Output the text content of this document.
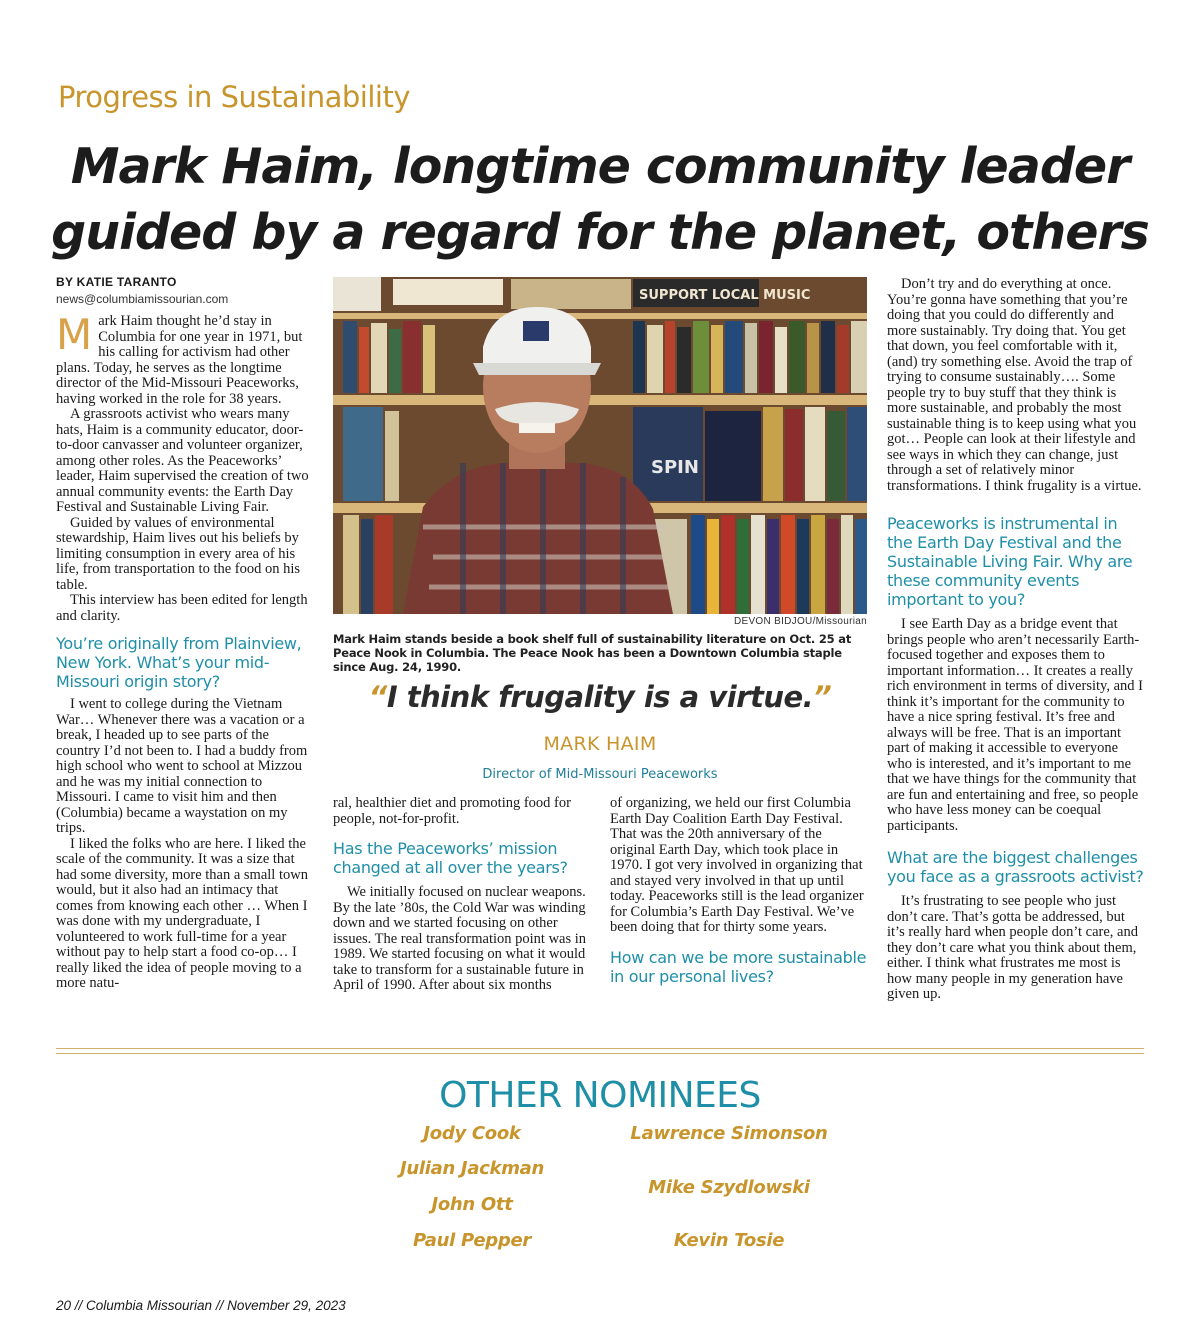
Progress in Sustainability
Mark Haim, longtime community leader
guided by a regard for the planet, others
BY KATIE TARANTO
news@columbiamissourian.com

Mark Haim thought he’d stay in Columbia for one year in 1971, but his calling for activism had other plans. Today, he serves as the longtime director of the Mid-Missouri Peaceworks, having worked in the role for 38 years.

A grassroots activist who wears many hats, Haim is a community educator, door-to-door canvasser and volunteer organizer, among other roles. As the Peaceworks’ leader, Haim supervised the creation of two annual community events: the Earth Day Festival and Sustainable Living Fair.

Guided by values of environmental stewardship, Haim lives out his beliefs by limiting consumption in every area of his life, from transportation to the food on his table.

This interview has been edited for length and clarity.

You’re originally from Plainview, New York. What’s your mid-Missouri origin story?

I went to college during the Vietnam War… Whenever there was a vacation or a break, I headed up to see parts of the country I’d not been to. I had a buddy from high school who went to school at Mizzou and he was my initial connection to Missouri. I came to visit him and then (Columbia) became a waystation on my trips.

I liked the folks who are here. I liked the scale of the community. It was a size that had some diversity, more than a small town would, but it also had an intimacy that comes from knowing each other … When I was done with my undergraduate, I volunteered to work full-time for a year without pay to help start a food co-op… I really liked the idea of people moving to a more natu-

SUPPORT LOCAL MUSIC
SPIN
DEVON BIDJOU/Missourian
Mark Haim stands beside a book shelf full of sustainability literature on Oct. 25 at Peace Nook in Columbia. The Peace Nook has been a Downtown Columbia staple since Aug. 24, 1990.
“I think frugality is a virtue.”
MARK HAIM
Director of Mid-Missouri Peaceworks

ral, healthier diet and promoting food for people, not-for-profit.

Has the Peaceworks’ mission changed at all over the years?

We initially focused on nuclear weapons. By the late ’80s, the Cold War was winding down and we started focusing on other issues. The real transformation point was in 1989. We started focusing on what it would take to transform for a sustainable future in April of 1990. After about six months

of organizing, we held our first Columbia Earth Day Coalition Earth Day Festival. That was the 20th anniversary of the original Earth Day, which took place in 1970. I got very involved in organizing that and stayed very involved in that up until today. Peaceworks still is the lead organizer for Columbia’s Earth Day Festival. We’ve been doing that for thirty some years.

How can we be more sustainable in our personal lives?

Don’t try and do everything at once. You’re gonna have something that you’re doing that you could do differently and more sustainably. Try doing that. You get that down, you feel comfortable with it, (and) try something else. Avoid the trap of trying to consume sustainably…. Some people try to buy stuff that they think is more sustainable, and probably the most sustainable thing is to keep using what you got… People can look at their lifestyle and see ways in which they can change, just through a set of relatively minor transformations. I think frugality is a virtue.

Peaceworks is instrumental in the Earth Day Festival and the Sustainable Living Fair. Why are these community events important to you?

I see Earth Day as a bridge event that brings people who aren’t necessarily Earth-focused together and exposes them to important information… It creates a really rich environment in terms of diversity, and I think it’s important for the community to have a nice spring festival. It’s free and always will be free. That is an important part of making it accessible to everyone who is interested, and it’s important to me that we have things for the community that are fun and entertaining and free, so people who have less money can be coequal participants.

What are the biggest challenges you face as a grassroots activist?

It’s frustrating to see people who just don’t care. That’s gotta be addressed, but it’s really hard when people don’t care, and they don’t care what you think about them, either. I think what frustrates me most is how many people in my generation have given up.

OTHER NOMINEES
Jody Cook
Julian Jackman
John Ott
Paul Pepper
Lawrence Simonson
Mike Szydlowski
Kevin Tosie
20 // Columbia Missourian // November 29, 2023
